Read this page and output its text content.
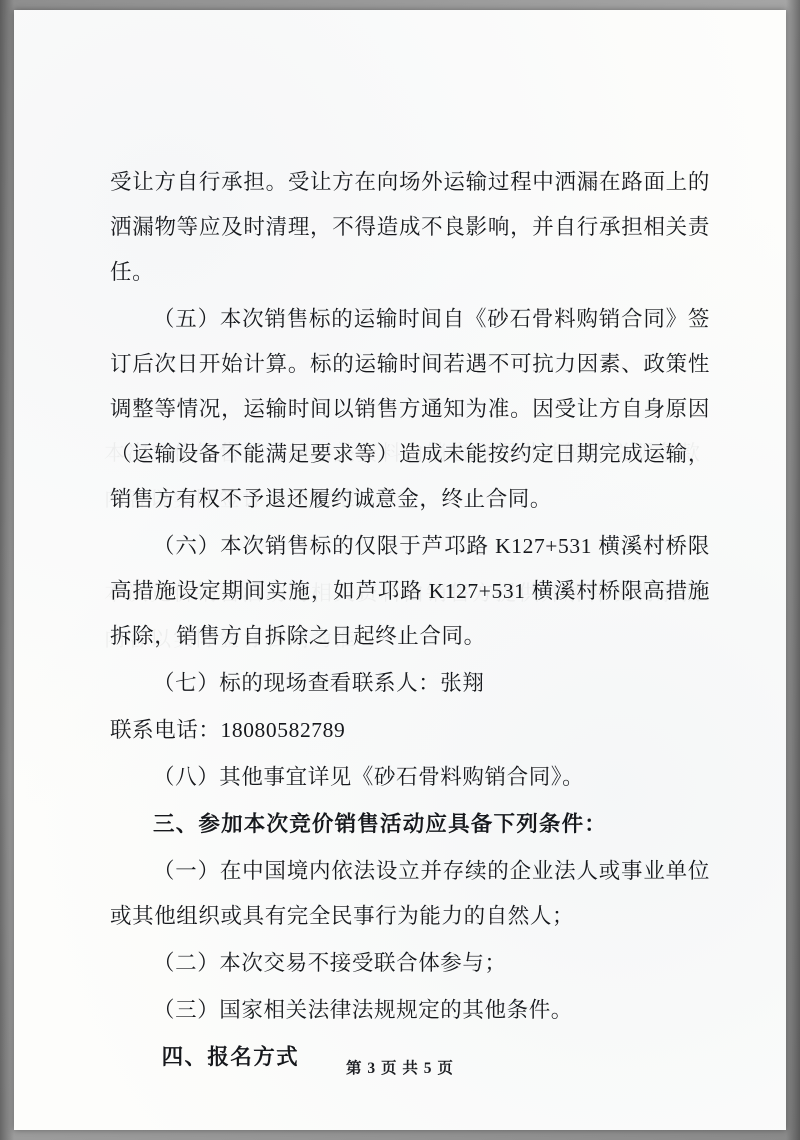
受让方自行承担。受让方在向场外运输过程中洒漏在路面上的洒漏物等应及时清理，不得造成不良影响，并自行承担相关责任。

（五）本次销售标的运输时间自《砂石骨料购销合同》签订后次日开始计算。标的运输时间若遇不可抗力因素、政策性调整等情况，运输时间以销售方通知为准。因受让方自身原因（运输设备不能满足要求等）造成未能按约定日期完成运输，销售方有权不予退还履约诚意金，终止合同。

（六）本次销售标的仅限于芦邛路 K127+531 横溪村桥限高措施设定期间实施，如芦邛路 K127+531 横溪村桥限高措施拆除，销售方自拆除之日起终止合同。

（七）标的现场查看联系人：张翔

联系电话：18080582789

（八）其他事宜详见《砂石骨料购销合同》。

三、参加本次竞价销售活动应具备下列条件：

（一）在中国境内依法设立并存续的企业法人或事业单位或其他组织或具有完全民事行为能力的自然人；

（二）本次交易不接受联合体参与；

（三）国家相关法律法规规定的其他条件。

四、报名方式	第 3 页 共 5 页
